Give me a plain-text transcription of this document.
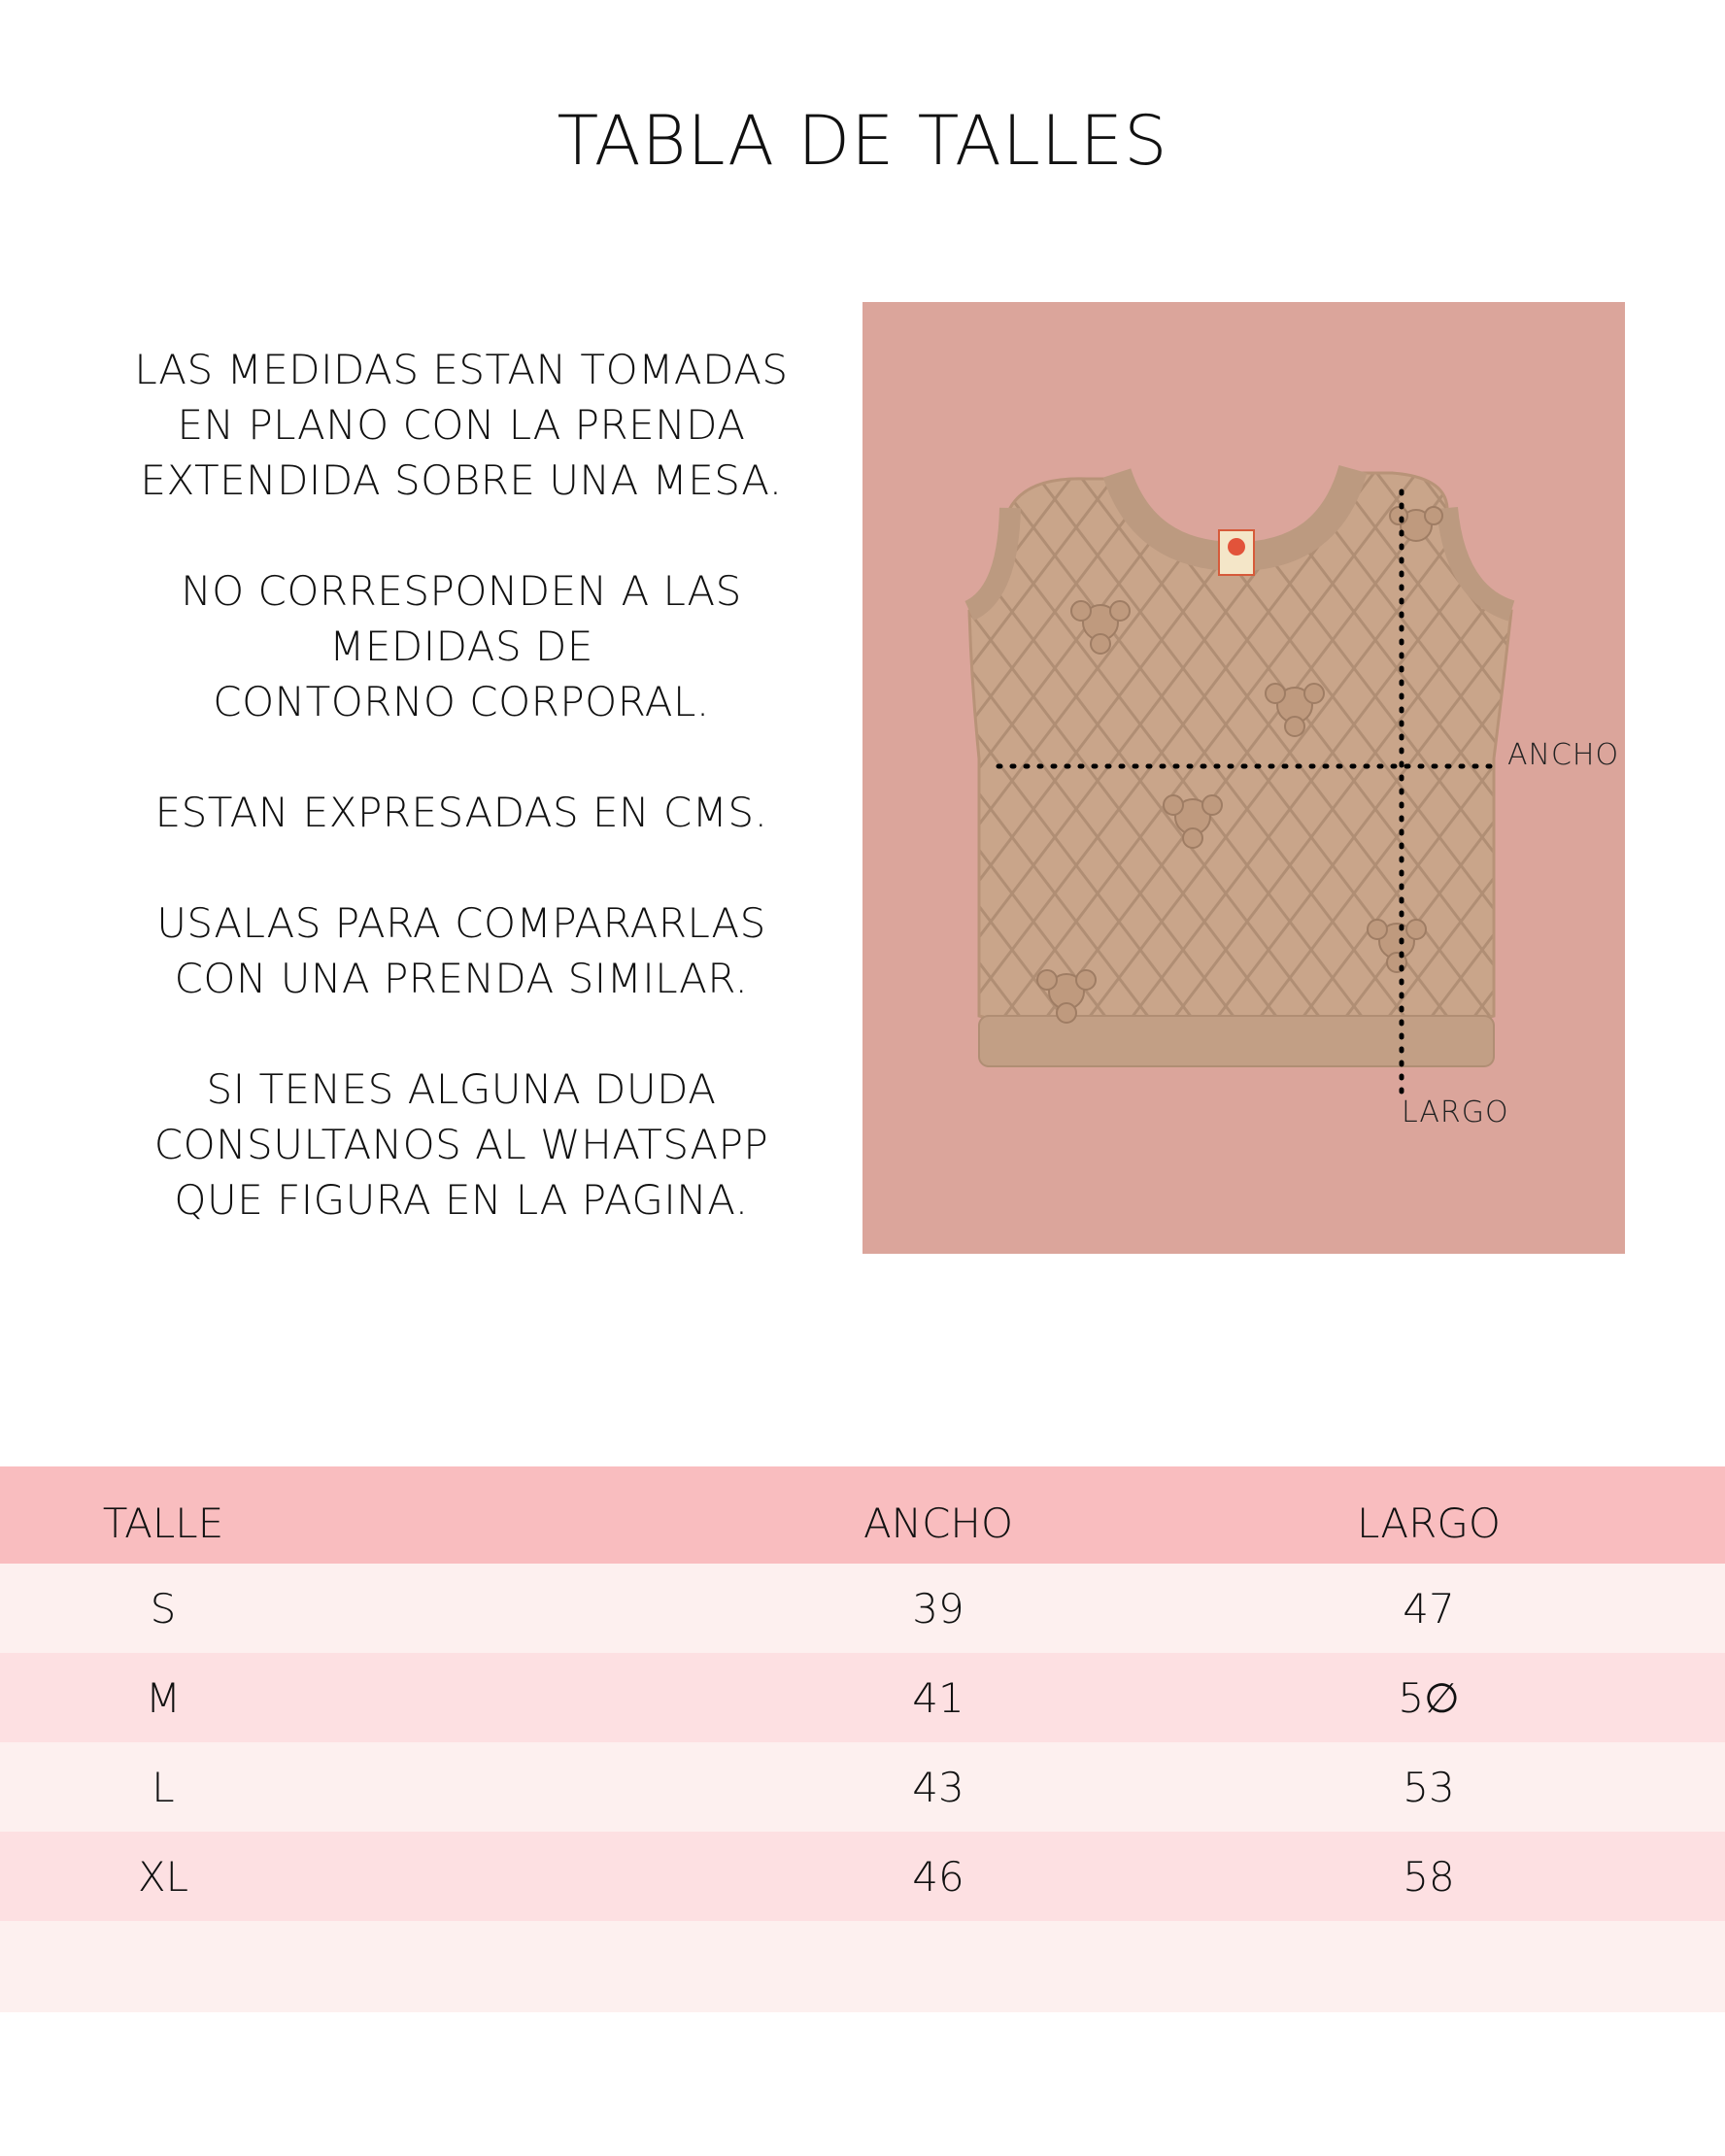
TABLA DE TALLES
LAS MEDIDAS ESTAN TOMADAS
EN PLANO CON LA PRENDA
EXTENDIDA SOBRE UNA MESA.
NO CORRESPONDEN A LAS
MEDIDAS DE
CONTORNO CORPORAL.
ESTAN EXPRESADAS EN CMS.
USALAS PARA COMPARARLAS
CON UNA PRENDA SIMILAR.
SI TENES ALGUNA DUDA
CONSULTANOS AL WHATSAPP
QUE FIGURA EN LA PAGINA.
ANCHO
LARGO
TALLE	ANCHO	LARGO
S	39	47
M	41	5∅
L	43	53
XL	46	58
